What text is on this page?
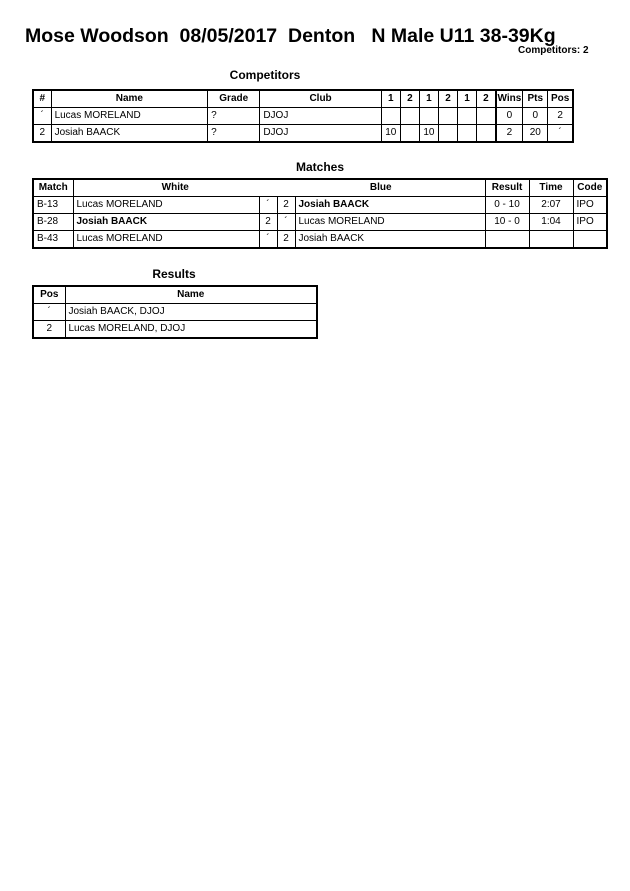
Mose Woodson  08/05/2017  Denton   N Male U11 38-39Kg
Competitors: 2
Competitors
#	Name	Grade	Club	1	2	1	2	1	2	Wins	Pts	Pos
´	Lucas MORELAND	?	DJOJ							0	0	2
2	Josiah BAACK	?	DJOJ	10		10				2	20	´
Matches
Match	White		Blue		Result	Time	Code
B-13	Lucas MORELAND	´	2	Josiah BAACK	0 - 10	2:07	IPO
B-28	Josiah BAACK	2	´	Lucas MORELAND	10 - 0	1:04	IPO
B-43	Lucas MORELAND	´	2	Josiah BAACK			
Results
Pos	Name
´	Josiah BAACK, DJOJ
2	Lucas MORELAND, DJOJ
